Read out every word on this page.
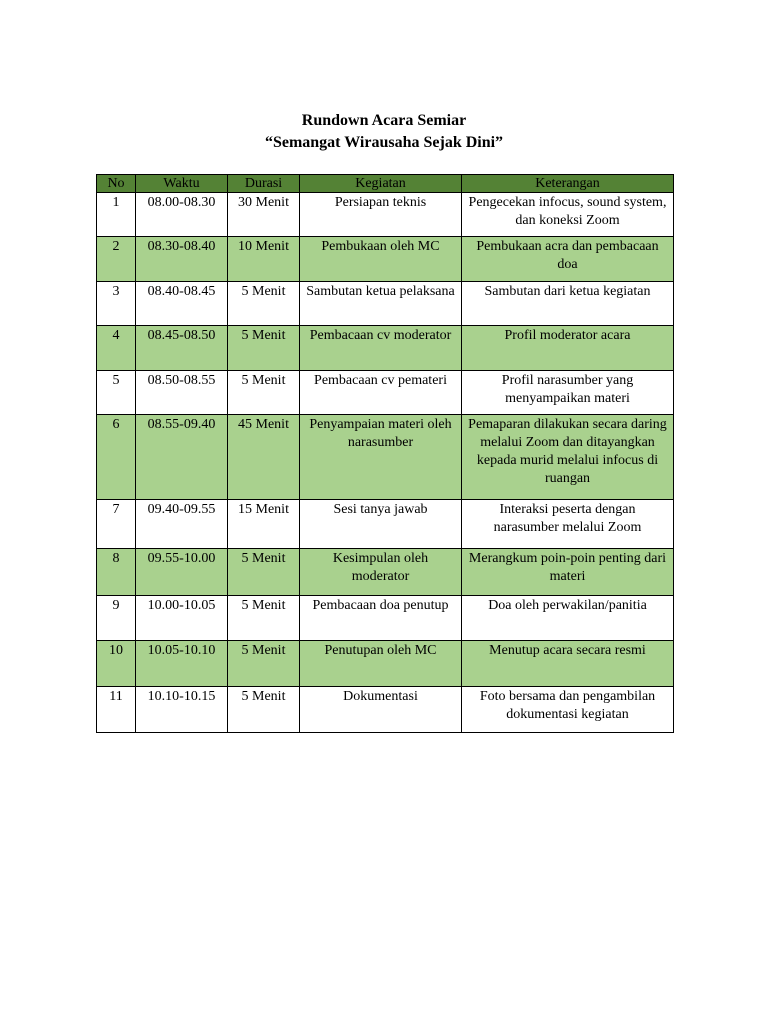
Rundown Acara Semiar
“Semangat Wirausaha Sejak Dini”
No	Waktu	Durasi	Kegiatan	Keterangan
1	08.00-08.30	30 Menit	Persiapan teknis	Pengecekan infocus, sound system, dan koneksi Zoom
2	08.30-08.40	10 Menit	Pembukaan oleh MC	Pembukaan acra dan pembacaan doa
3	08.40-08.45	5 Menit	Sambutan ketua pelaksana	Sambutan dari ketua kegiatan
4	08.45-08.50	5 Menit	Pembacaan cv moderator	Profil moderator acara
5	08.50-08.55	5 Menit	Pembacaan cv pemateri	Profil narasumber yang menyampaikan materi
6	08.55-09.40	45 Menit	Penyampaian materi oleh narasumber	Pemaparan dilakukan secara daring melalui Zoom dan ditayangkan kepada murid melalui infocus di ruangan
7	09.40-09.55	15 Menit	Sesi tanya jawab	Interaksi peserta dengan narasumber melalui Zoom
8	09.55-10.00	5 Menit	Kesimpulan oleh moderator	Merangkum poin-poin penting dari materi
9	10.00-10.05	5 Menit	Pembacaan doa penutup	Doa oleh perwakilan/panitia
10	10.05-10.10	5 Menit	Penutupan oleh MC	Menutup acara secara resmi
11	10.10-10.15	5 Menit	Dokumentasi	Foto bersama dan pengambilan dokumentasi kegiatan
